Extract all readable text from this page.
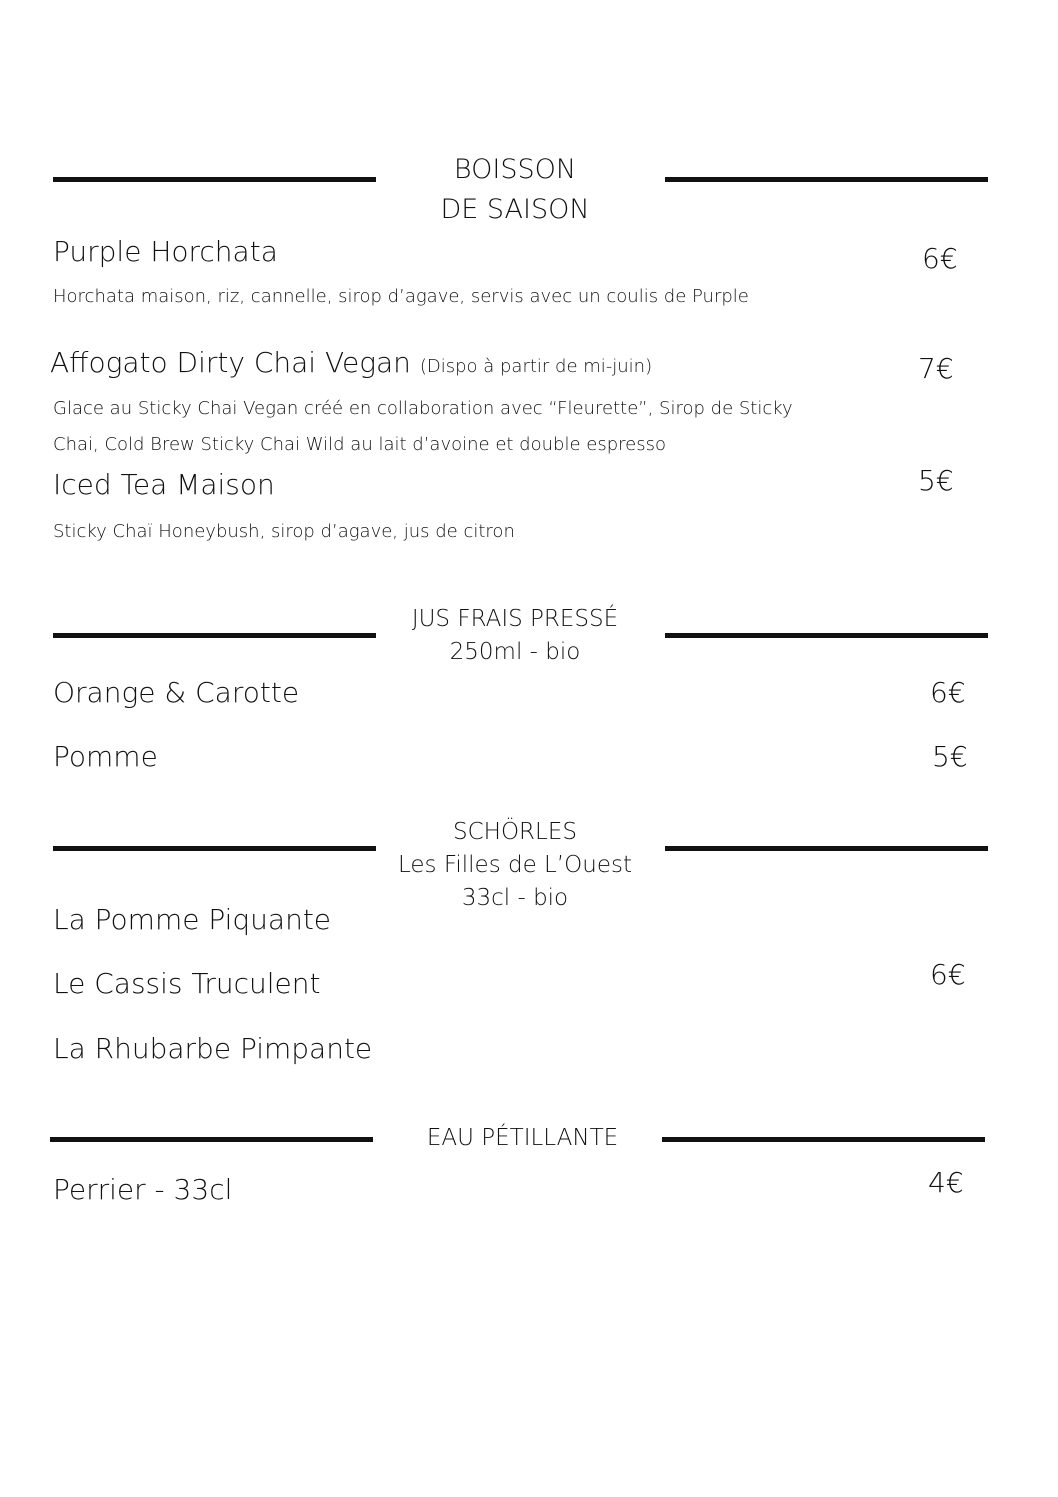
BOISSON
DE SAISON
Purple Horchata	6€
Horchata maison, riz, cannelle, sirop d’agave, servis avec un coulis de Purple
Affogato Dirty Chai Vegan (Dispo à partir de mi-juin)	7€
Glace au Sticky Chai Vegan créé en collaboration avec “Fleurette”, Sirop de Sticky
Chai, Cold Brew Sticky Chai Wild au lait d’avoine et double espresso
Iced Tea Maison	5€
Sticky Chaï Honeybush, sirop d’agave, jus de citron
JUS FRAIS PRESSÉ
250ml - bio
Orange & Carotte	6€
Pomme	5€
SCHÖRLES
Les Filles de L’Ouest
33cl - bio
La Pomme Piquante
Le Cassis Truculent
La Rhubarbe Pimpante
6€
EAU PÉTILLANTE
Perrier - 33cl	4€
